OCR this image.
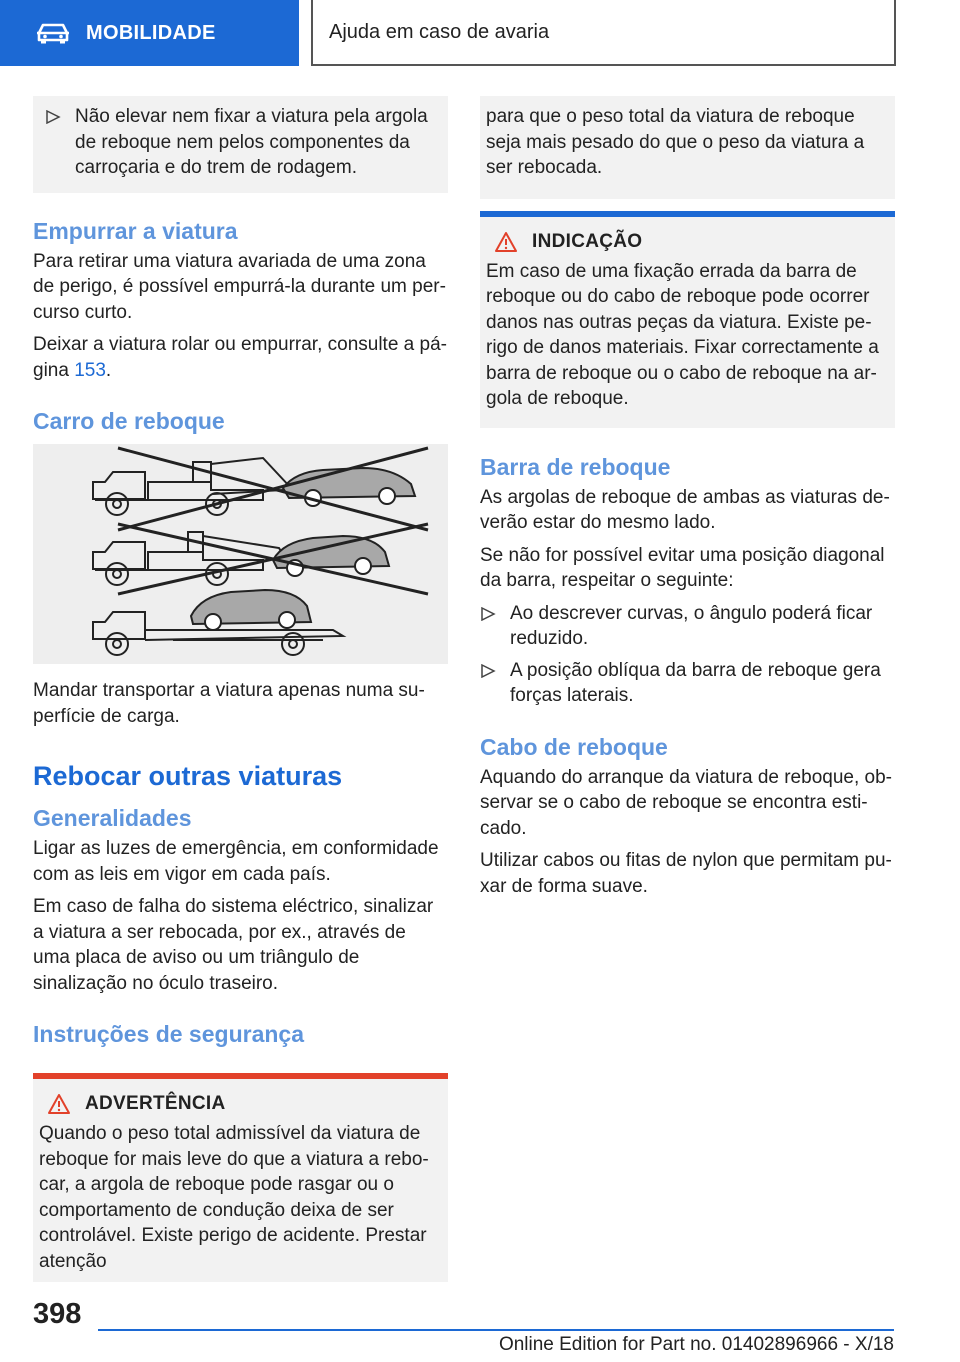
MOBILIDADE	Ajuda em caso de avaria
Não elevar nem fixar a viatura pela argola de reboque nem pelos componentes da carroçaria e do trem de rodagem.
Empurrar a viatura

Para retirar uma viatura avariada de uma zona de perigo, é possível empurrá-la durante um percurso curto.

Deixar a viatura rolar ou empurrar, consulte a página 153.

Carro de reboque

Mandar transportar a viatura apenas numa superfície de carga.

Rebocar outras viaturas
Generalidades

Ligar as luzes de emergência, em conformidade com as leis em vigor em cada país.

Em caso de falha do sistema eléctrico, sinalizar a viatura a ser rebocada, por ex., através de uma placa de aviso ou um triângulo de sinalização no óculo traseiro.

Instruções de segurança
ADVERTÊNCIA

Quando o peso total admissível da viatura de reboque for mais leve do que a viatura a rebocar, a argola de reboque pode rasgar ou o comportamento de condução deixa de ser controlável. Existe perigo de acidente. Prestar atenção

para que o peso total da viatura de reboque seja mais pesado do que o peso da viatura a ser rebocada.

INDICAÇÃO

Em caso de uma fixação errada da barra de reboque ou do cabo de reboque pode ocorrer danos nas outras peças da viatura. Existe perigo de danos materiais. Fixar correctamente a barra de reboque ou o cabo de reboque na argola de reboque.

Barra de reboque

As argolas de reboque de ambas as viaturas deverão estar do mesmo lado.

Se não for possível evitar uma posição diagonal da barra, respeitar o seguinte:

Ao descrever curvas, o ângulo poderá ficar reduzido.
A posição oblíqua da barra de reboque gera forças laterais.
Cabo de reboque

Aquando do arranque da viatura de reboque, observar se o cabo de reboque se encontra esticado.

Utilizar cabos ou fitas de nylon que permitam puxar de forma suave.

398
Online Edition for Part no. 01402896966 - X/18
